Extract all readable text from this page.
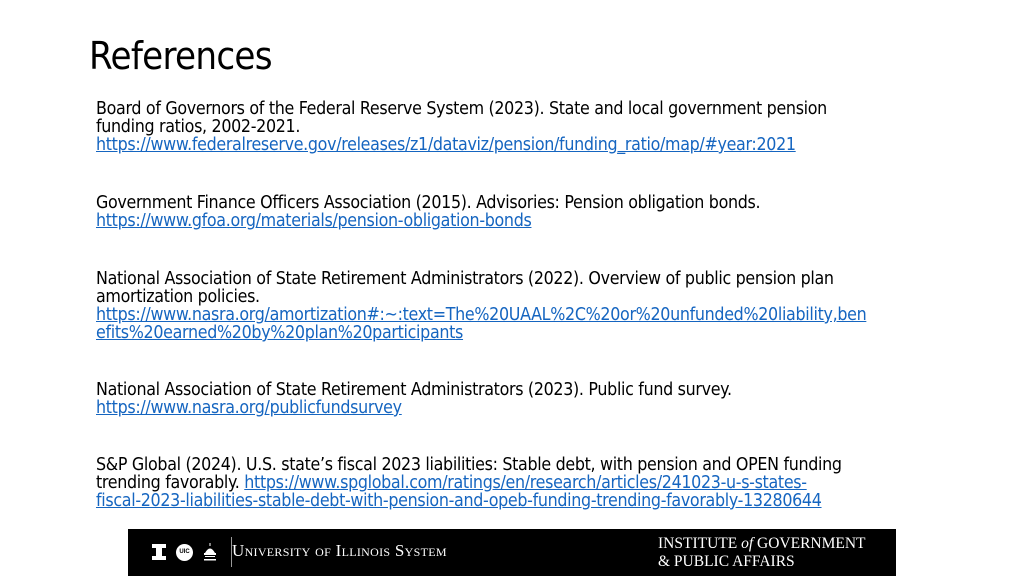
References
Board of Governors of the Federal Reserve System (2023). State and local government pension
funding ratios, 2002-2021.
https://www.federalreserve.gov/releases/z1/dataviz/pension/funding_ratio/map/#year:2021
Government Finance Officers Association (2015). Advisories: Pension obligation bonds.
https://www.gfoa.org/materials/pension-obligation-bonds
National Association of State Retirement Administrators (2022). Overview of public pension plan
amortization policies.
https://www.nasra.org/amortization#:~:text=The%20UAAL%2C%20or%20unfunded%20liability,ben
efits%20earned%20by%20plan%20participants
National Association of State Retirement Administrators (2023). Public fund survey.
https://www.nasra.org/publicfundsurvey
S&P Global (2024). U.S. state’s fiscal 2023 liabilities: Stable debt, with pension and OPEN funding
trending favorably. https://www.spglobal.com/ratings/en/research/articles/241023-u-s-states-
fiscal-2023-liabilities-stable-debt-with-pension-and-opeb-funding-trending-favorably-13280644
UIC University of Illinois System	INSTITUTE of GOVERNMENT
& PUBLIC AFFAIRS
